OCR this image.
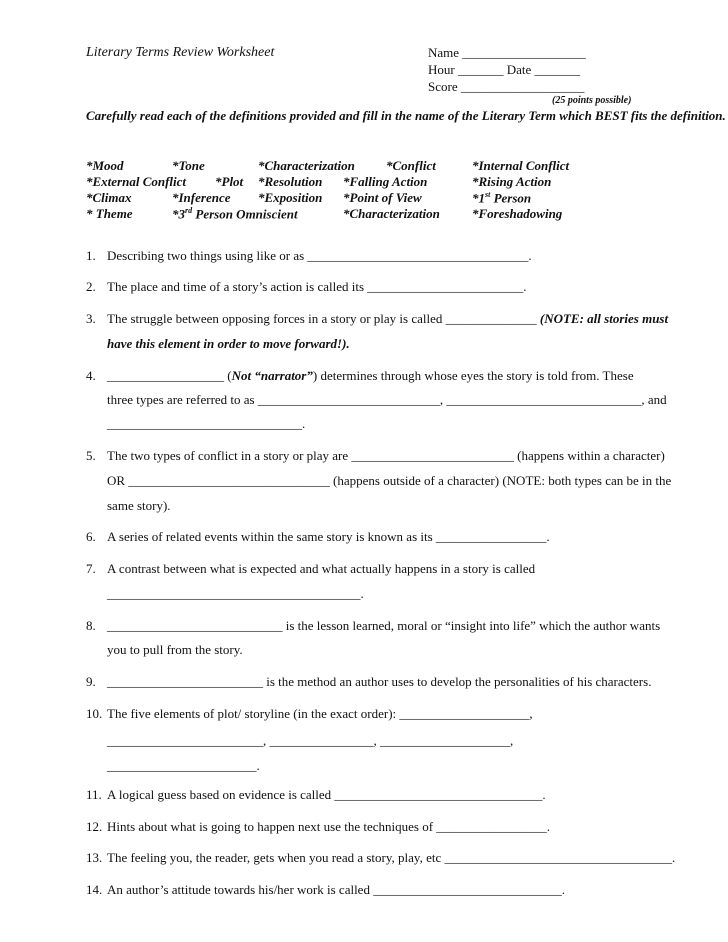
Literary Terms Review Worksheet	Name ___________________
Hour _______ Date _______
Score ___________________
(25 points possible)
Carefully read each of the definitions provided and fill in the name of the Literary Term which BEST fits the definition.
*Mood	*Tone	*Characterization *Conflict	*Internal Conflict
*External Conflict *Plot *Resolution *Falling Action	*Rising Action
*Climax	*Inference *Exposition *Point of View	*1st Person
* Theme	*3rd Person Omniscient	*Characterization *Foreshadowing
1. Describing two things using like or as __________________________________.
2. The place and time of a story’s action is called its ________________________.
3. The struggle between opposing forces in a story or play is called ______________ (NOTE: all stories must
have this element in order to move forward!).
4. __________________ (Not “narrator”) determines through whose eyes the story is told from. These
three types are referred to as ____________________________, ______________________________, and
______________________________.
5. The two types of conflict in a story or play are _________________________ (happens within a character)
OR _______________________________ (happens outside of a character) (NOTE: both types can be in the
same story).
6. A series of related events within the same story is known as its _________________.
7. A contrast between what is expected and what actually happens in a story is called
_______________________________________.
8. ___________________________ is the lesson learned, moral or “insight into life” which the author wants
you to pull from the story.
9. ________________________ is the method an author uses to develop the personalities of his characters.
10. The five elements of plot/ storyline (in the exact order): ____________________,
________________________, ________________, ____________________,
_______________________.
11. A logical guess based on evidence is called ________________________________.
12. Hints about what is going to happen next use the techniques of _________________.
13. The feeling you, the reader, gets when you read a story, play, etc ___________________________________.
14. An author’s attitude towards his/her work is called _____________________________.
